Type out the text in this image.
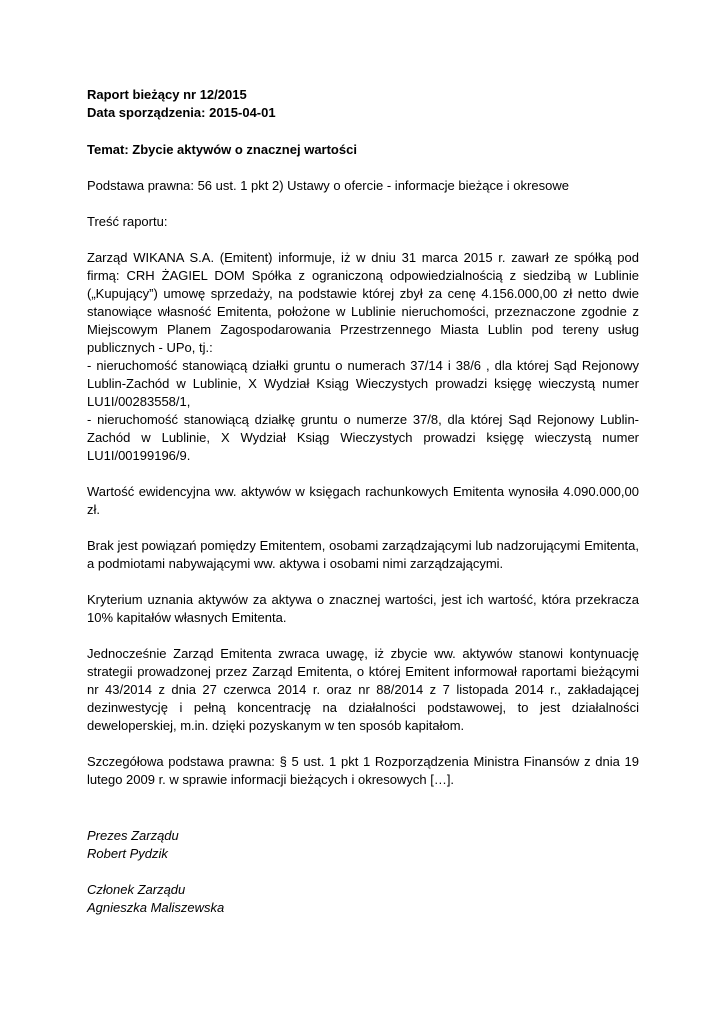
Raport bieżący nr 12/2015

Data sporządzenia: 2015-04-01

Temat: Zbycie aktywów o znacznej wartości

Podstawa prawna: 56 ust. 1 pkt 2) Ustawy o ofercie - informacje bieżące i okresowe

Treść raportu:

Zarząd WIKANA S.A. (Emitent) informuje, iż w dniu 31 marca 2015 r. zawarł ze spółką pod firmą: CRH ŻAGIEL DOM Spółka z ograniczoną odpowiedzialnością z siedzibą w Lublinie („Kupujący”) umowę sprzedaży, na podstawie której zbył za cenę 4.156.000,00 zł netto dwie stanowiące własność Emitenta, położone w Lublinie nieruchomości, przeznaczone zgodnie z Miejscowym Planem Zagospodarowania Przestrzennego Miasta Lublin pod tereny usług publicznych - UPo, tj.:

- nieruchomość stanowiącą działki gruntu o numerach 37/14 i 38/6 , dla której Sąd Rejonowy Lublin-Zachód w Lublinie, X Wydział Ksiąg Wieczystych prowadzi księgę wieczystą numer LU1I/00283558/1,

- nieruchomość stanowiącą działkę gruntu o numerze 37/8, dla której Sąd Rejonowy Lublin-Zachód w Lublinie, X Wydział Ksiąg Wieczystych prowadzi księgę wieczystą numer LU1I/00199196/9.

Wartość ewidencyjna ww. aktywów w księgach rachunkowych Emitenta wynosiła 4.090.000,00 zł.

Brak jest powiązań pomiędzy Emitentem, osobami zarządzającymi lub nadzorującymi Emitenta, a podmiotami nabywającymi ww. aktywa i osobami nimi zarządzającymi.

Kryterium uznania aktywów za aktywa o znacznej wartości, jest ich wartość, która przekracza 10% kapitałów własnych Emitenta.

Jednocześnie Zarząd Emitenta zwraca uwagę, iż zbycie ww. aktywów stanowi kontynuację strategii prowadzonej przez Zarząd Emitenta, o której Emitent informował raportami bieżącymi nr 43/2014 z dnia 27 czerwca 2014 r. oraz nr 88/2014 z 7 listopada 2014 r., zakładającej dezinwestycję i pełną koncentrację na działalności podstawowej, to jest działalności deweloperskiej, m.in. dzięki pozyskanym w ten sposób kapitałom.

Szczegółowa podstawa prawna: § 5 ust. 1 pkt 1 Rozporządzenia Ministra Finansów z dnia 19 lutego 2009 r. w sprawie informacji bieżących i okresowych […].

Prezes Zarządu

Robert Pydzik

Członek Zarządu

Agnieszka Maliszewska
